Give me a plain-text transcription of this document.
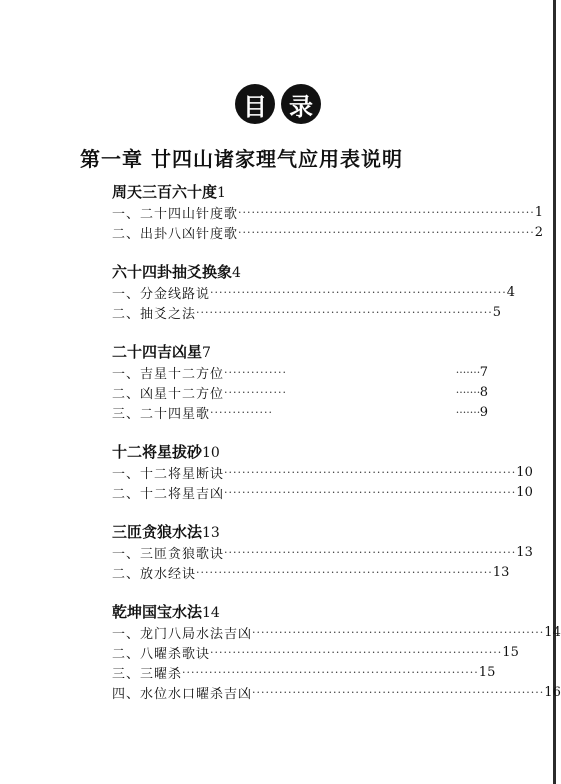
目 录
第一章 廿四山诸家理气应用表说明
周天三百六十度1
一、二十四山针度歌 ·································································· 1
二、出卦八凶针度歌 ·································································· 2
六十四卦抽爻换象4
一、分金线路说 ·································································· 4
二、抽爻之法 ·································································· 5
二十四吉凶星7
一、吉星十二方位 ··············	······· 7
二、凶星十二方位 ··············	······· 8
三、二十四星歌 ··············	······· 9
十二将星拔砂10
一、十二将星断诀 ································································· 10
二、十二将星吉凶 ································································· 10
三匝贪狼水法13
一、三匝贪狼歌诀 ································································· 13
二、放水经诀 ·································································· 13
乾坤国宝水法14
一、龙门八局水法吉凶 ································································· 14
二、八曜杀歌诀 ································································· 15
三、三曜杀 ·································································· 15
四、水位水口曜杀吉凶 ································································· 16
